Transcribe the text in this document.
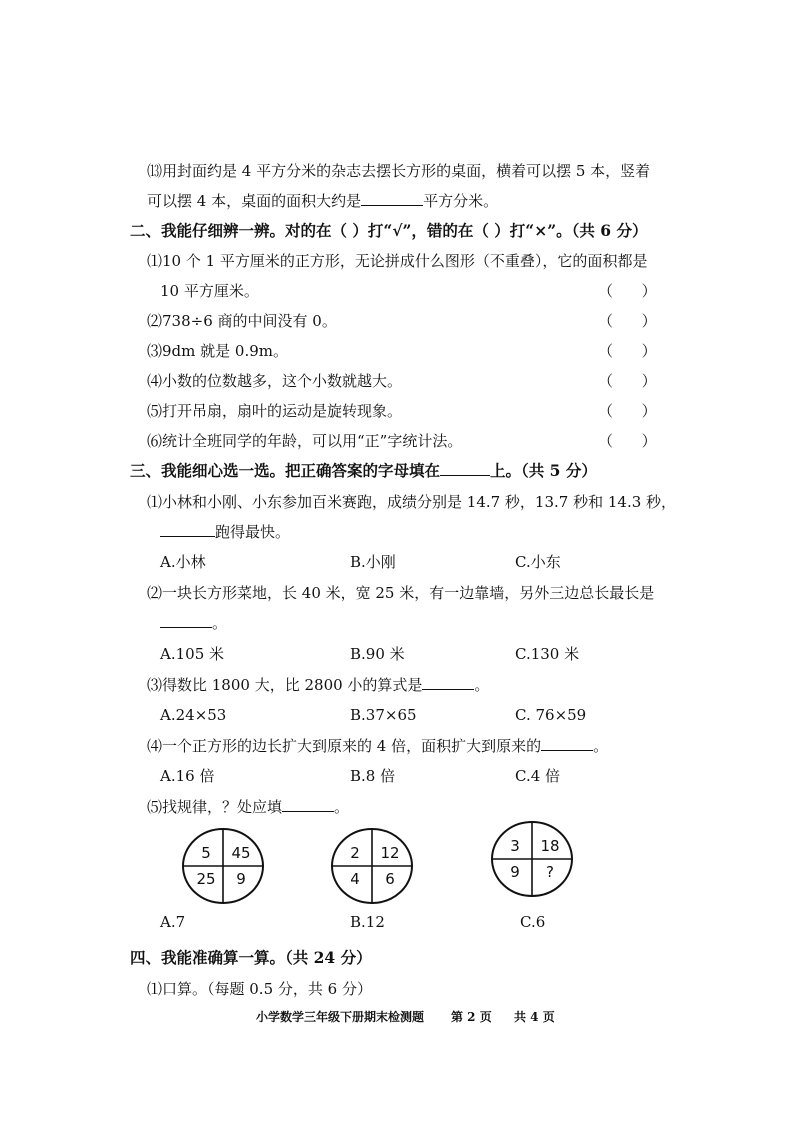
⒀用封面约是 4 平方分米的杂志去摆长方形的桌面，横着可以摆 5 本，竖着
可以摆 4 本，桌面的面积大约是	平方分米。
二、我能仔细辨一辨。对的在（ ）打“√”，错的在（ ）打“×”。（共 6 分）
⑴10 个 1 平方厘米的正方形，无论拼成什么图形（不重叠），它的面积都是
10 平方厘米。	（      ）
⑵738÷6 商的中间没有 0。	（      ）
⑶9dm 就是 0.9m。	（      ）
⑷小数的位数越多，这个小数就越大。	（      ）
⑸打开吊扇，扇叶的运动是旋转现象。	（      ）
⑹统计全班同学的年龄，可以用“正”字统计法。	（      ）
三、我能细心选一选。把正确答案的字母填在	上。（共 5 分）
⑴小林和小刚、小东参加百米赛跑，成绩分别是 14.7 秒，13.7 秒和 14.3 秒，
跑得最快。
A.小林	B.小刚	C.小东
⑵一块长方形菜地，长 40 米，宽 25 米，有一边靠墙，另外三边总长最长是
。
A.105 米	B.90 米	C.130 米
⑶得数比 1800 大，比 2800 小的算式是	。
A.24×53	B.37×65	C. 76×59
⑷一个正方形的边长扩大到原来的 4 倍，面积扩大到原来的	。
A.16 倍	B.8 倍	C.4 倍
⑸找规律，？处应填	。
5	45
25	9
2	12
4	6
3	18
9	?
A.7	B.12	C.6
四、我能准确算一算。（共 24 分）
⑴口算。（每题 0.5 分，共 6 分）
小学数学三年级下册期末检测题 第 2 页 共 4 页
